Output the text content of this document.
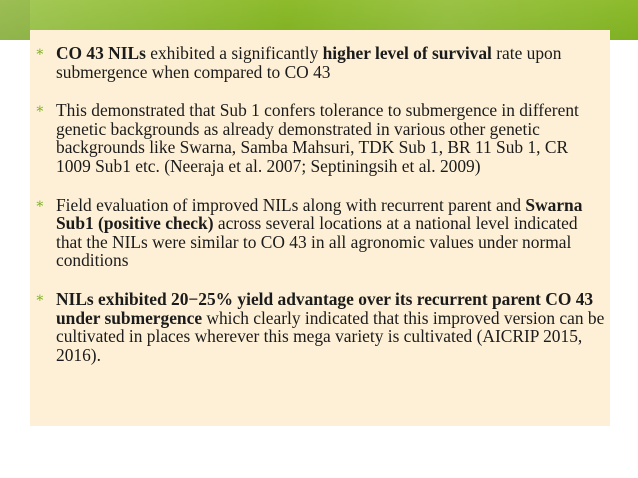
∗ CO 43 NILs exhibited a significantly higher level of survival rate upon submergence when compared to CO 43
∗ This demonstrated that Sub 1 confers tolerance to submergence in different genetic backgrounds as already demonstrated in various other genetic backgrounds like Swarna, Samba Mahsuri, TDK Sub 1, BR 11 Sub 1, CR 1009 Sub1 etc. (Neeraja et al. 2007; Septiningsih et al. 2009)
∗ Field evaluation of improved NILs along with recurrent parent and Swarna Sub1 (positive check) across several locations at a national level indicated that the NILs were similar to CO 43 in all agronomic values under normal conditions
∗ NILs exhibited 20−25% yield advantage over its recurrent parent CO 43 under submergence which clearly indicated that this improved version can be cultivated in places wherever this mega variety is cultivated (AICRIP 2015, 2016).
